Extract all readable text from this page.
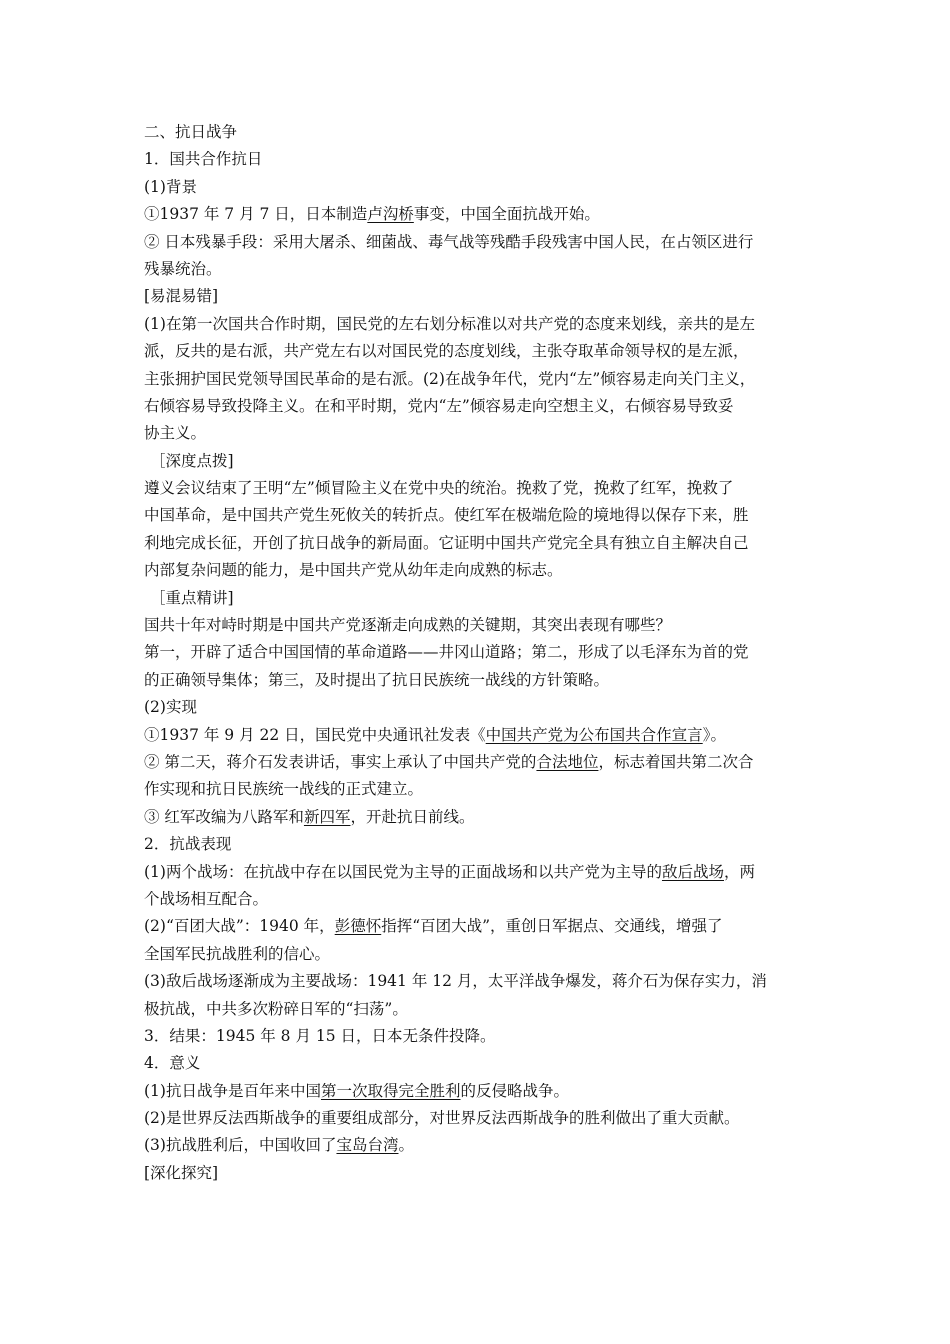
二、抗日战争
1．国共合作抗日
(1)背景
①1937 年 7 月 7 日，日本制造卢沟桥事变，中国全面抗战开始。
② 日本残暴手段：采用大屠杀、细菌战、毒气战等残酷手段残害中国人民，在占领区进行
残暴统治。
[易混易错]
(1)在第一次国共合作时期，国民党的左右划分标准以对共产党的态度来划线，亲共的是左
派，反共的是右派，共产党左右以对国民党的态度划线，主张夺取革命领导权的是左派，
主张拥护国民党领导国民革命的是右派。(2)在战争年代，党内“左”倾容易走向关门主义，
右倾容易导致投降主义。在和平时期，党内“左”倾容易走向空想主义，右倾容易导致妥
协主义。
［深度点拨]
遵义会议结束了王明“左”倾冒险主义在党中央的统治。挽救了党，挽救了红军，挽救了
中国革命，是中国共产党生死攸关的转折点。使红军在极端危险的境地得以保存下来，胜
利地完成长征，开创了抗日战争的新局面。它证明中国共产党完全具有独立自主解决自己
内部复杂问题的能力，是中国共产党从幼年走向成熟的标志。
［重点精讲]
国共十年对峙时期是中国共产党逐渐走向成熟的关键期，其突出表现有哪些？
第一，开辟了适合中国国情的革命道路——井冈山道路；第二，形成了以毛泽东为首的党
的正确领导集体；第三，及时提出了抗日民族统一战线的方针策略。
(2)实现
①1937 年 9 月 22 日，国民党中央通讯社发表《中国共产党为公布国共合作宣言》。
② 第二天，蒋介石发表讲话，事实上承认了中国共产党的合法地位，标志着国共第二次合
作实现和抗日民族统一战线的正式建立。
③ 红军改编为八路军和新四军，开赴抗日前线。
2．抗战表现
(1)两个战场：在抗战中存在以国民党为主导的正面战场和以共产党为主导的敌后战场，两
个战场相互配合。
(2)“百团大战”：1940 年，彭德怀指挥“百团大战”，重创日军据点、交通线，增强了
全国军民抗战胜利的信心。
(3)敌后战场逐渐成为主要战场：1941 年 12 月，太平洋战争爆发，蒋介石为保存实力，消
极抗战，中共多次粉碎日军的“扫荡”。
3．结果：1945 年 8 月 15 日，日本无条件投降。
4．意义
(1)抗日战争是百年来中国第一次取得完全胜利的反侵略战争。
(2)是世界反法西斯战争的重要组成部分，对世界反法西斯战争的胜利做出了重大贡献。
(3)抗战胜利后，中国收回了宝岛台湾。
[深化探究]
